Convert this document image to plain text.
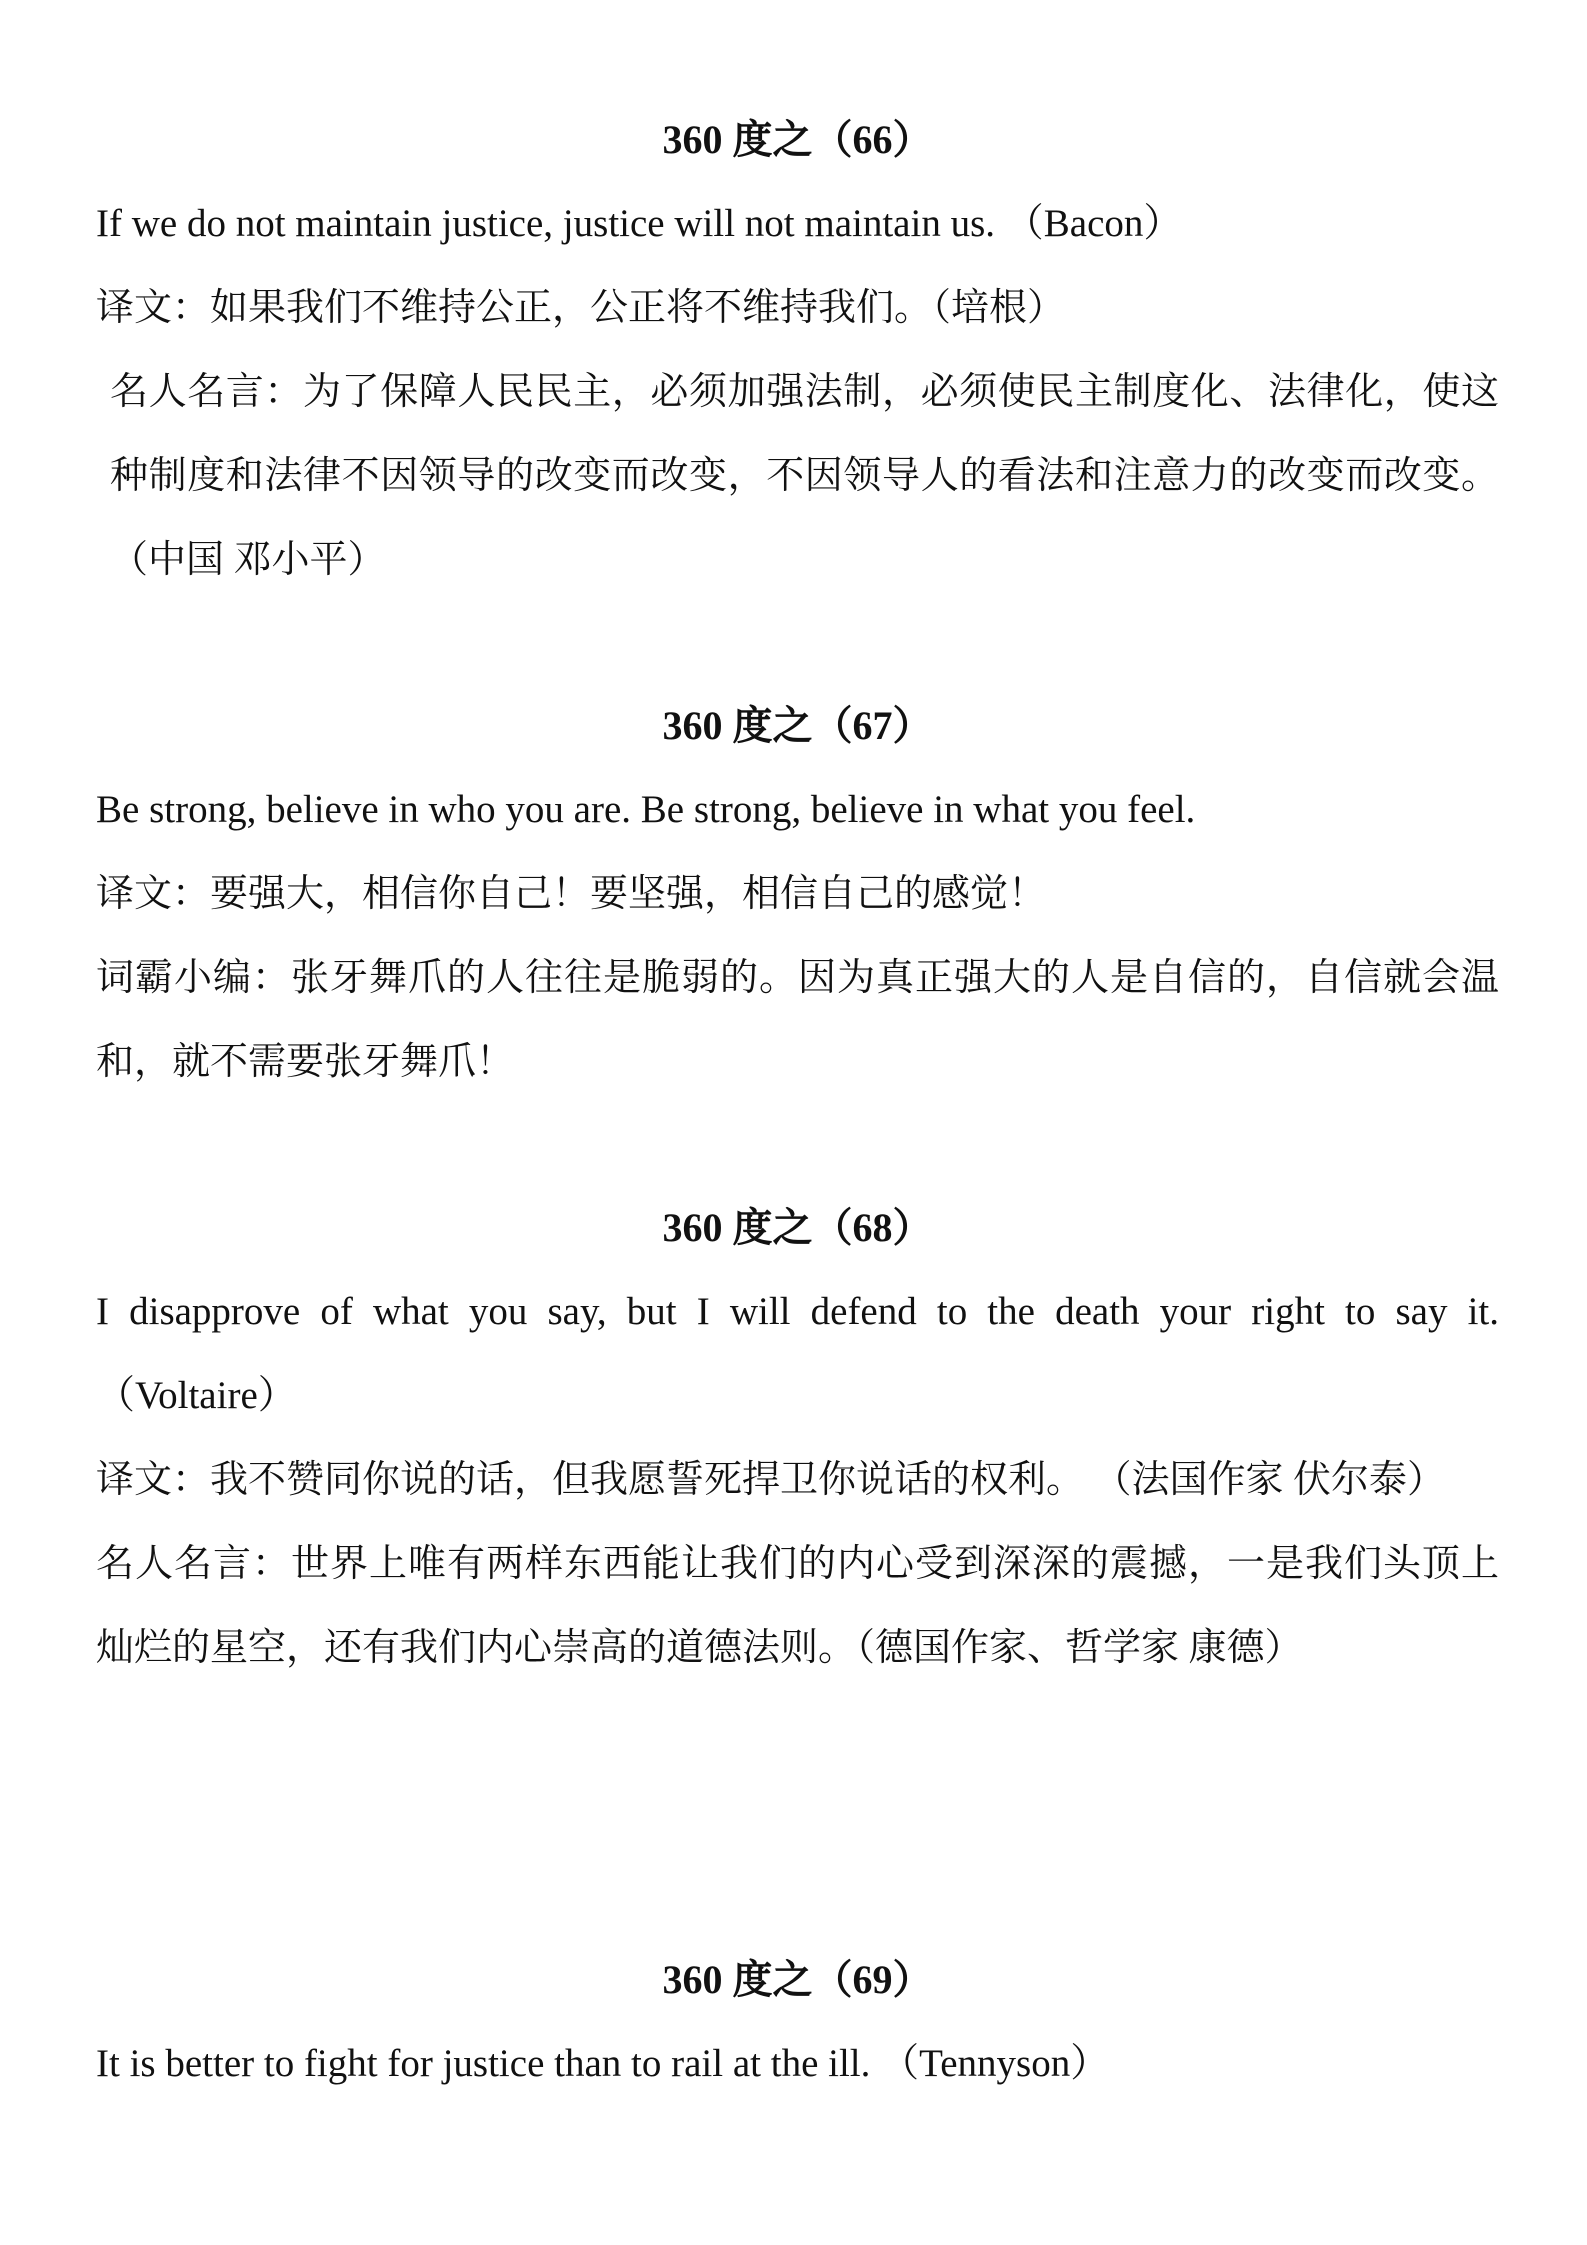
360 度之（66）

If we do not maintain justice, justice will not maintain us. （Bacon）

译文：如果我们不维持公正，公正将不维持我们。（培根）

名人名言：为了保障人民民主，必须加强法制，必须使民主制度化、法律化，使这种制度和法律不因领导的改变而改变，不因领导人的看法和注意力的改变而改变。（中国 邓小平）

360 度之（67）

Be strong, believe in who you are. Be strong, believe in what you feel.

译文：要强大，相信你自己！要坚强，相信自己的感觉！

词霸小编：张牙舞爪的人往往是脆弱的。因为真正强大的人是自信的，自信就会温和，就不需要张牙舞爪！

360 度之（68）

I disapprove of what you say, but I will defend to the death your right to say it.（Voltaire）

译文：我不赞同你说的话，但我愿誓死捍卫你说话的权利。 （法国作家 伏尔泰）

名人名言：世界上唯有两样东西能让我们的内心受到深深的震撼，一是我们头顶上灿烂的星空，还有我们内心崇高的道德法则。（德国作家、哲学家 康德）

360 度之（69）

It is better to fight for justice than to rail at the ill. （Tennyson）
